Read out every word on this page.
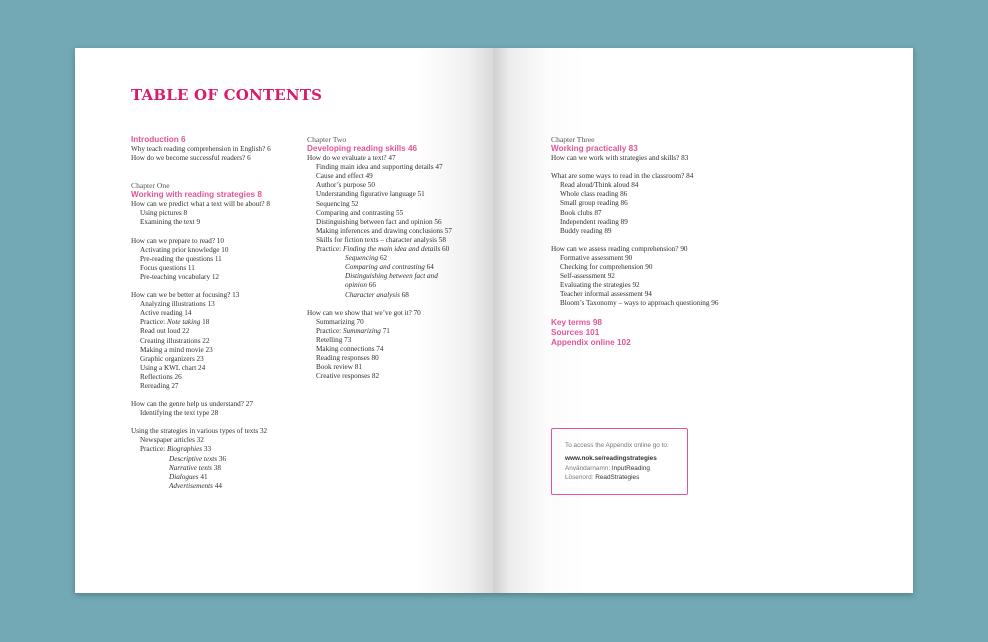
TABLE OF CONTENTS
Introduction 6
Why teach reading comprehension in English? 6
How do we become successful readers? 6
Chapter One
Working with reading strategies 8
How can we predict what a text will be about? 8
Using pictures 8
Examining the text 9
How can we prepare to read? 10
Activating prior knowledge 10
Pre-reading the questions 11
Focus questions 11
Pre-teaching vocabulary 12
How can we be better at focusing? 13
Analyzing illustrations 13
Active reading 14
Practice: Note taking 18
Read out loud 22
Creating illustrations 22
Making a mind movie 23
Graphic organizers 23
Using a KWL chart 24
Reflections 26
Rereading 27
How can the genre help us understand? 27
Identifying the text type 28
Using the strategies in various types of texts 32
Newspaper articles 32
Practice: Biographies 33
Descriptive texts 36
Narrative texts 38
Dialogues 41
Advertisements 44
Chapter Two
Developing reading skills 46
How do we evaluate a text? 47
Finding main idea and supporting details 47
Cause and effect 49
Author’s purpose 50
Understanding figurative language 51
Sequencing 52
Comparing and contrasting 55
Distinguishing between fact and opinion 56
Making inferences and drawing conclusions 57
Skills for fiction texts – character analysis 58
Practice: Finding the main idea and details 60
Sequencing 62
Comparing and contrasting 64
Distinguishing between fact and
opinion 66
Character analysis 68
How can we show that we’ve got it? 70
Summarizing 70
Practice: Summarizing 71
Retelling 73
Making connections 74
Reading responses 80
Book review 81
Creative responses 82
Chapter Three
Working practically 83
How can we work with strategies and skills? 83
What are some ways to read in the classroom? 84
Read aloud/Think aloud 84
Whole class reading 86
Small group reading 86
Book clubs 87
Independent reading 89
Buddy reading 89
How can we assess reading comprehension? 90
Formative assessment 90
Checking for comprehension 90
Self-assessment 92
Evaluating the strategies 92
Teacher informal assessment 94
Bloom’s Taxonomy – ways to approach questioning 96
Key terms 98
Sources 101
Appendix online 102
To access the Appendix online go to:
www.nok.se/readingstrategies
Användarnamn: InputReading
Lösenord: ReadStrategies
